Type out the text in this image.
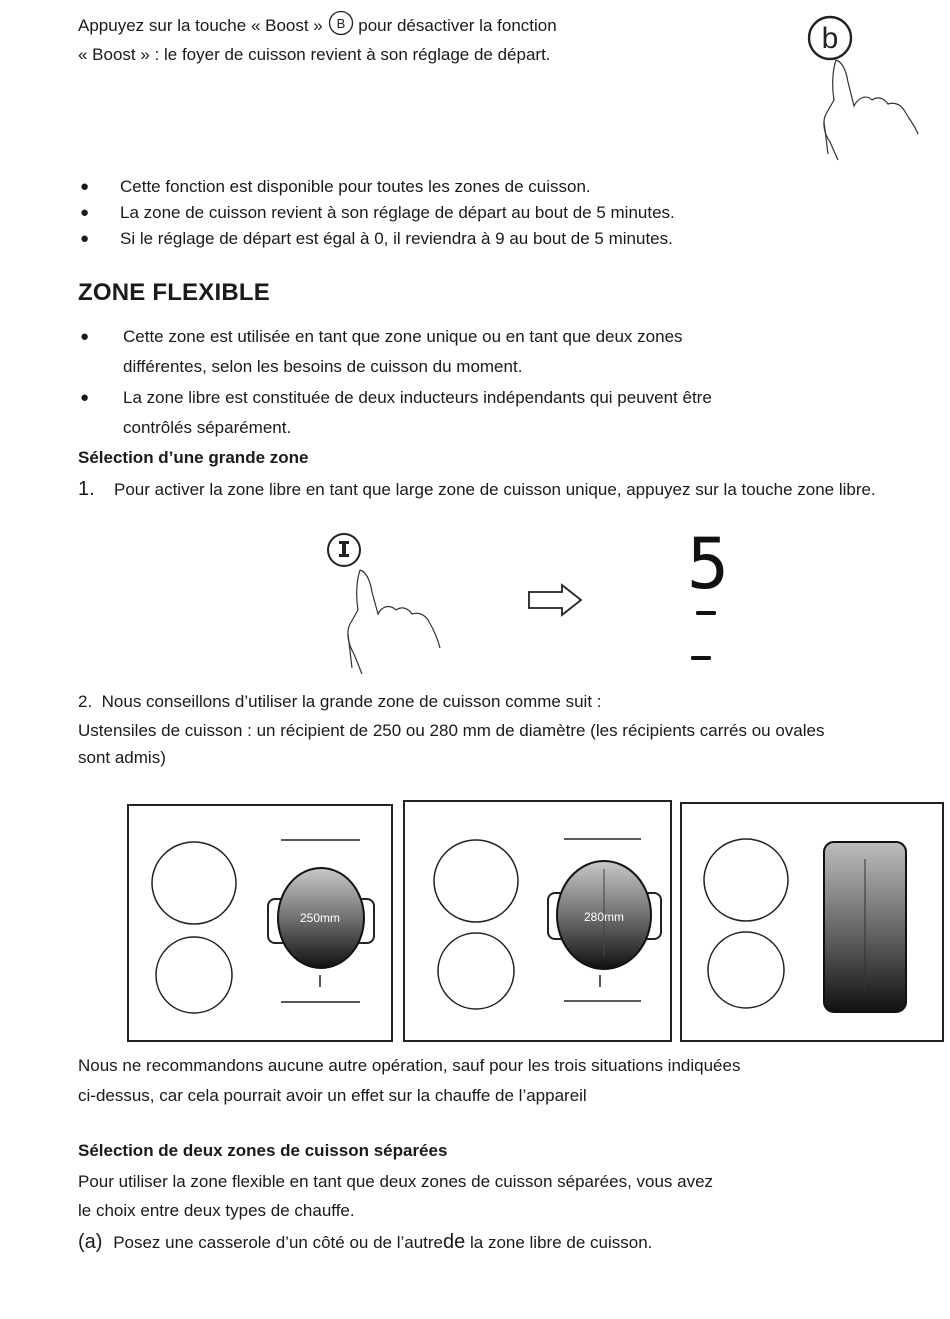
Appuyez sur la touche « Boost » B pour désactiver la fonction
« Boost » : le foyer de cuisson revient à son réglage de départ.	b
● Cette fonction est disponible pour toutes les zones de cuisson.
● La zone de cuisson revient à son réglage de départ au bout de 5 minutes.
● Si le réglage de départ est égal à 0, il reviendra à 9 au bout de 5 minutes.
ZONE FLEXIBLE
● Cette zone est utilisée en tant que zone unique ou en tant que deux zones
différentes, selon les besoins de cuisson du moment.
● La zone libre est constituée de deux inducteurs indépendants qui peuvent être
contrôlés séparément.
Sélection d’une grande zone
1. Pour activer la zone libre en tant que large zone de cuisson unique, appuyez sur la touche zone libre.
5
2. Nous conseillons d’utiliser la grande zone de cuisson comme suit :
Ustensiles de cuisson : un récipient de 250 ou 280 mm de diamètre (les récipients carrés ou ovales
sont admis)
250mm	280mm
Nous ne recommandons aucune autre opération, sauf pour les trois situations indiquées
ci-dessus, car cela pourrait avoir un effet sur la chauffe de l’appareil
Sélection de deux zones de cuisson séparées
Pour utiliser la zone flexible en tant que deux zones de cuisson séparées, vous avez
le choix entre deux types de chauffe.
(a) Posez une casserole d’un côté ou de l’autrede la zone libre de cuisson.
